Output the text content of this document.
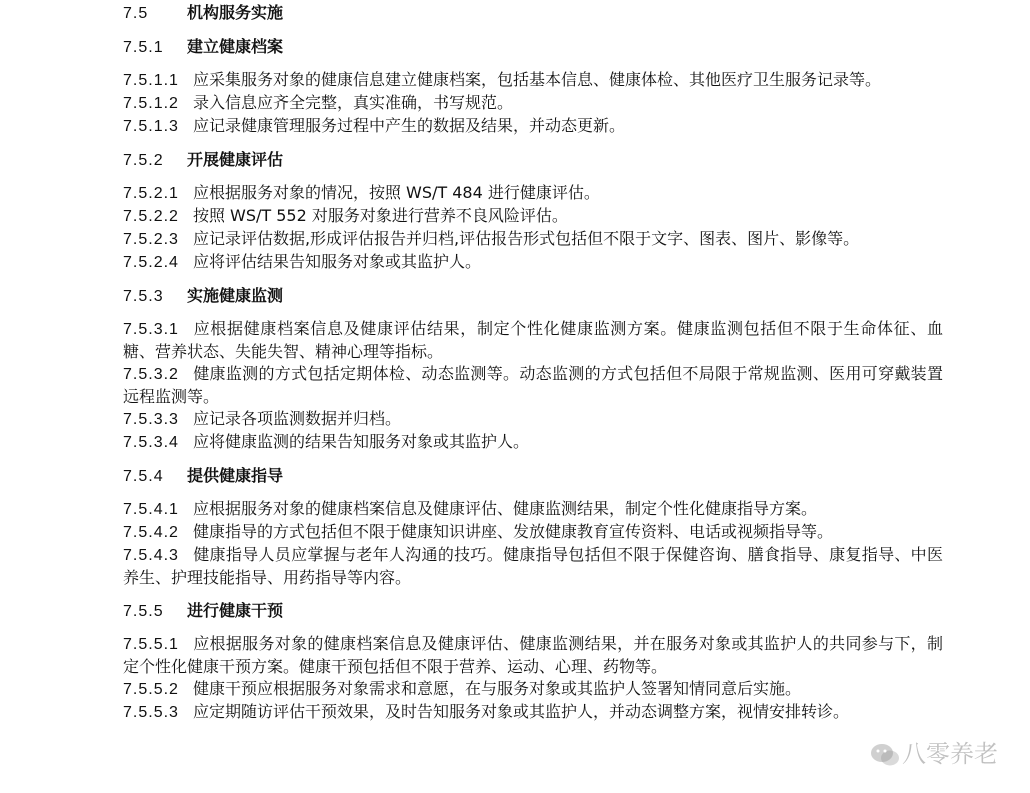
7.5 机构服务实施
7.5.1 建立健康档案
7.5.1.1 应采集服务对象的健康信息建立健康档案，包括基本信息、健康体检、其他医疗卫生服务记录等。
7.5.1.2 录入信息应齐全完整，真实准确，书写规范。
7.5.1.3 应记录健康管理服务过程中产生的数据及结果，并动态更新。
7.5.2 开展健康评估
7.5.2.1 应根据服务对象的情况，按照 WS/T 484 进行健康评估。
7.5.2.2 按照 WS/T 552 对服务对象进行营养不良风险评估。
7.5.2.3 应记录评估数据,形成评估报告并归档,评估报告形式包括但不限于文字、图表、图片、影像等。
7.5.2.4 应将评估结果告知服务对象或其监护人。
7.5.3 实施健康监测
7.5.3.1 应根据健康档案信息及健康评估结果，制定个性化健康监测方案。健康监测包括但不限于生命体征、血糖、营养状态、失能失智、精神心理等指标。
7.5.3.2 健康监测的方式包括定期体检、动态监测等。动态监测的方式包括但不局限于常规监测、医用可穿戴装置远程监测等。
7.5.3.3 应记录各项监测数据并归档。
7.5.3.4 应将健康监测的结果告知服务对象或其监护人。
7.5.4 提供健康指导
7.5.4.1 应根据服务对象的健康档案信息及健康评估、健康监测结果，制定个性化健康指导方案。
7.5.4.2 健康指导的方式包括但不限于健康知识讲座、发放健康教育宣传资料、电话或视频指导等。
7.5.4.3 健康指导人员应掌握与老年人沟通的技巧。健康指导包括但不限于保健咨询、膳食指导、康复指导、中医养生、护理技能指导、用药指导等内容。
7.5.5 进行健康干预
7.5.5.1 应根据服务对象的健康档案信息及健康评估、健康监测结果，并在服务对象或其监护人的共同参与下，制定个性化健康干预方案。健康干预包括但不限于营养、运动、心理、药物等。
7.5.5.2 健康干预应根据服务对象需求和意愿，在与服务对象或其监护人签署知情同意后实施。
7.5.5.3 应定期随访评估干预效果，及时告知服务对象或其监护人，并动态调整方案，视情安排转诊。
八零养老
